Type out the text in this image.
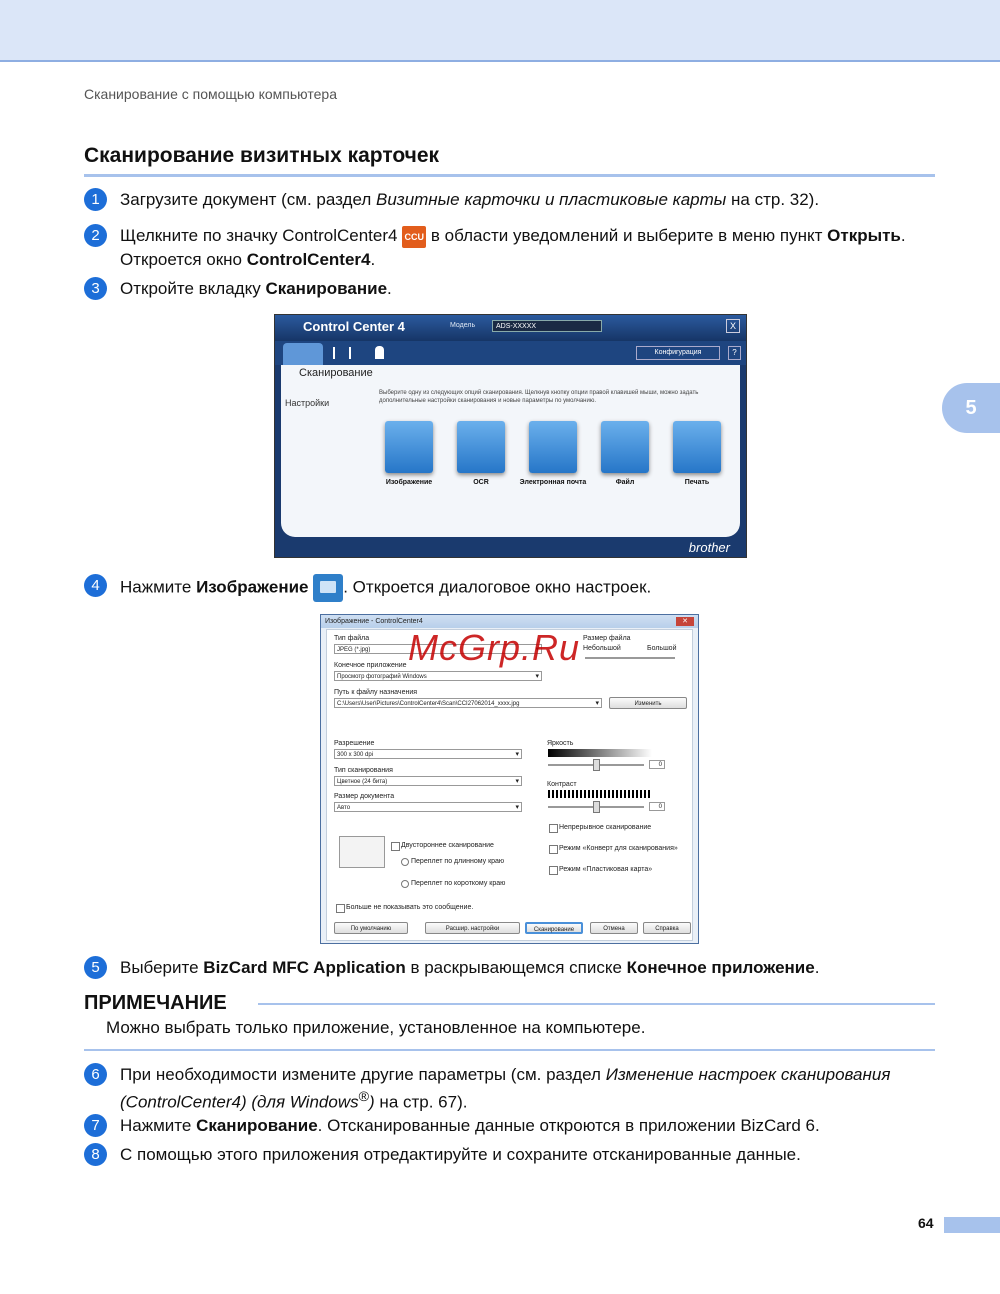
Сканирование с помощью компьютера
5
Сканирование визитных карточек
1	Загрузите документ (см. раздел Визитные карточки и пластиковые карты на стр. 32).
2	Щелкните по значку ControlCenter4 CCU в области уведомлений и выберите в меню пункт Открыть.
Откроется окно ControlCenter4.
3	Откройте вкладку Сканирование.
Control Center 4	Модель	ADS-XXXXX	X
Конфигурация	?
Сканирование
Настройки
Выберите одну из следующих опций сканирования. Щелкнув кнопку опции правой клавишей мыши, можно задать дополнительные настройки сканирования и новые параметры по умолчанию.
Изображение	OCR	Электронная почта	Файл	Печать
brother
4	Нажмите Изображение . Откроется диалоговое окно настроек.
Изображение - ControlCenter4	✕
Тип файла
JPEG (*.jpg) ▾
Размер файла
Небольшой	Большой
Конечное приложение
Просмотр фотографий Windows ▾
Путь к файлу назначения
C:\Users\User\Pictures\ControlCenter4\Scan\CCI27062014_xxxx.jpg ▾	Изменить
Разрешение
300 x 300 dpi ▾
Тип сканирования
Цветное (24 бита) ▾
Размер документа
Авто ▾
Яркость
0
Контраст
0
Двустороннее сканирование
Переплет по длинному краю
Переплет по короткому краю
Непрерывное сканирование
Режим «Конверт для сканирования»
Режим «Пластиковая карта»
Больше не показывать это сообщение.
По умолчанию	Расшир. настройки	Сканирование	Отмена	Справка
McGrp.Ru
5	Выберите BizCard MFC Application в раскрывающемся списке Конечное приложение.
ПРИМЕЧАНИЕ
Можно выбрать только приложение, установленное на компьютере.
6	При необходимости измените другие параметры (см. раздел Изменение настроек сканирования (ControlCenter4) (для Windows®) на стр. 67).
7	Нажмите Сканирование. Отсканированные данные откроются в приложении BizCard 6.
8	С помощью этого приложения отредактируйте и сохраните отсканированные данные.
64
